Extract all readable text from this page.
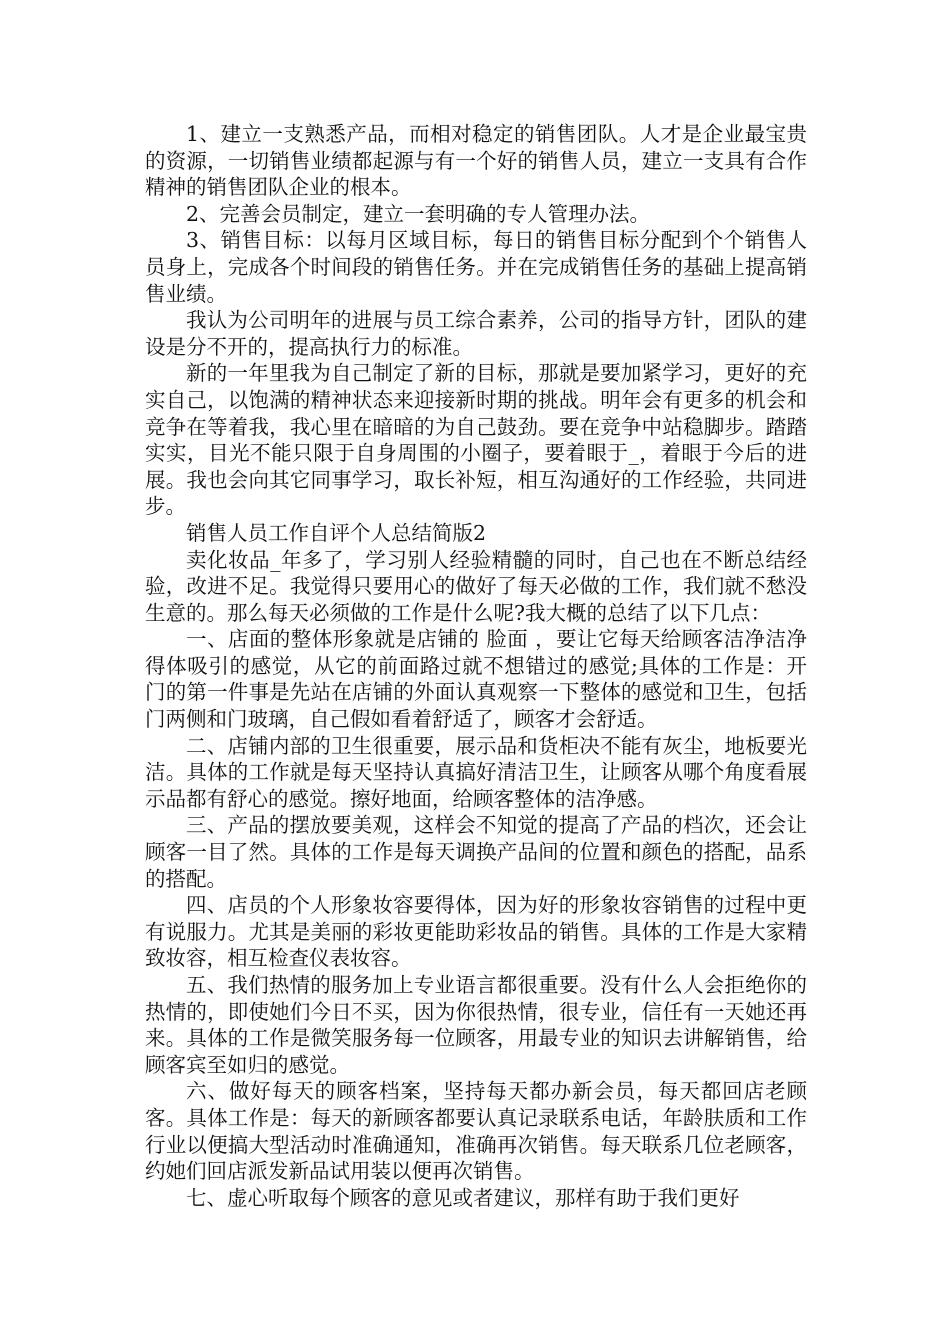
1、建立一支熟悉产品，而相对稳定的销售团队。人才是企业最宝贵的资源，一切销售业绩都起源与有一个好的销售人员，建立一支具有合作精神的销售团队企业的根本。

2、完善会员制定，建立一套明确的专人管理办法。

3、销售目标：以每月区域目标，每日的销售目标分配到个个销售人员身上，完成各个时间段的销售任务。并在完成销售任务的基础上提高销售业绩。

我认为公司明年的进展与员工综合素养，公司的指导方针，团队的建设是分不开的，提高执行力的标准。

新的一年里我为自己制定了新的目标，那就是要加紧学习，更好的充实自己，以饱满的精神状态来迎接新时期的挑战。明年会有更多的机会和竞争在等着我，我心里在暗暗的为自己鼓劲。要在竞争中站稳脚步。踏踏实实，目光不能只限于自身周围的小圈子，要着眼于_，着眼于今后的进展。我也会向其它同事学习，取长补短，相互沟通好的工作经验，共同进步。

销售人员工作自评个人总结简版2

卖化妆品_年多了，学习别人经验精髓的同时，自己也在不断总结经验，改进不足。我觉得只要用心的做好了每天必做的工作，我们就不愁没生意的。那么每天必须做的工作是什么呢?我大概的总结了以下几点：

一、店面的整体形象就是店铺的 脸面 ，要让它每天给顾客洁净洁净得体吸引的感觉，从它的前面路过就不想错过的感觉;具体的工作是：开门的第一件事是先站在店铺的外面认真观察一下整体的感觉和卫生，包括门两侧和门玻璃，自己假如看着舒适了，顾客才会舒适。

二、店铺内部的卫生很重要，展示品和货柜决不能有灰尘，地板要光洁。具体的工作就是每天坚持认真搞好清洁卫生，让顾客从哪个角度看展示品都有舒心的感觉。擦好地面，给顾客整体的洁净感。

三、产品的摆放要美观，这样会不知觉的提高了产品的档次，还会让顾客一目了然。具体的工作是每天调换产品间的位置和颜色的搭配，品系的搭配。

四、店员的个人形象妆容要得体，因为好的形象妆容销售的过程中更有说服力。尤其是美丽的彩妆更能助彩妆品的销售。具体的工作是大家精致妆容，相互检查仪表妆容。

五、我们热情的服务加上专业语言都很重要。没有什么人会拒绝你的热情的，即使她们今日不买，因为你很热情，很专业，信任有一天她还再来。具体的工作是微笑服务每一位顾客，用最专业的知识去讲解销售，给顾客宾至如归的感觉。

六、做好每天的顾客档案，坚持每天都办新会员，每天都回店老顾客。具体工作是：每天的新顾客都要认真记录联系电话，年龄肤质和工作行业以便搞大型活动时准确通知，准确再次销售。每天联系几位老顾客，约她们回店派发新品试用装以便再次销售。

七、虚心听取每个顾客的意见或者建议，那样有助于我们更好
